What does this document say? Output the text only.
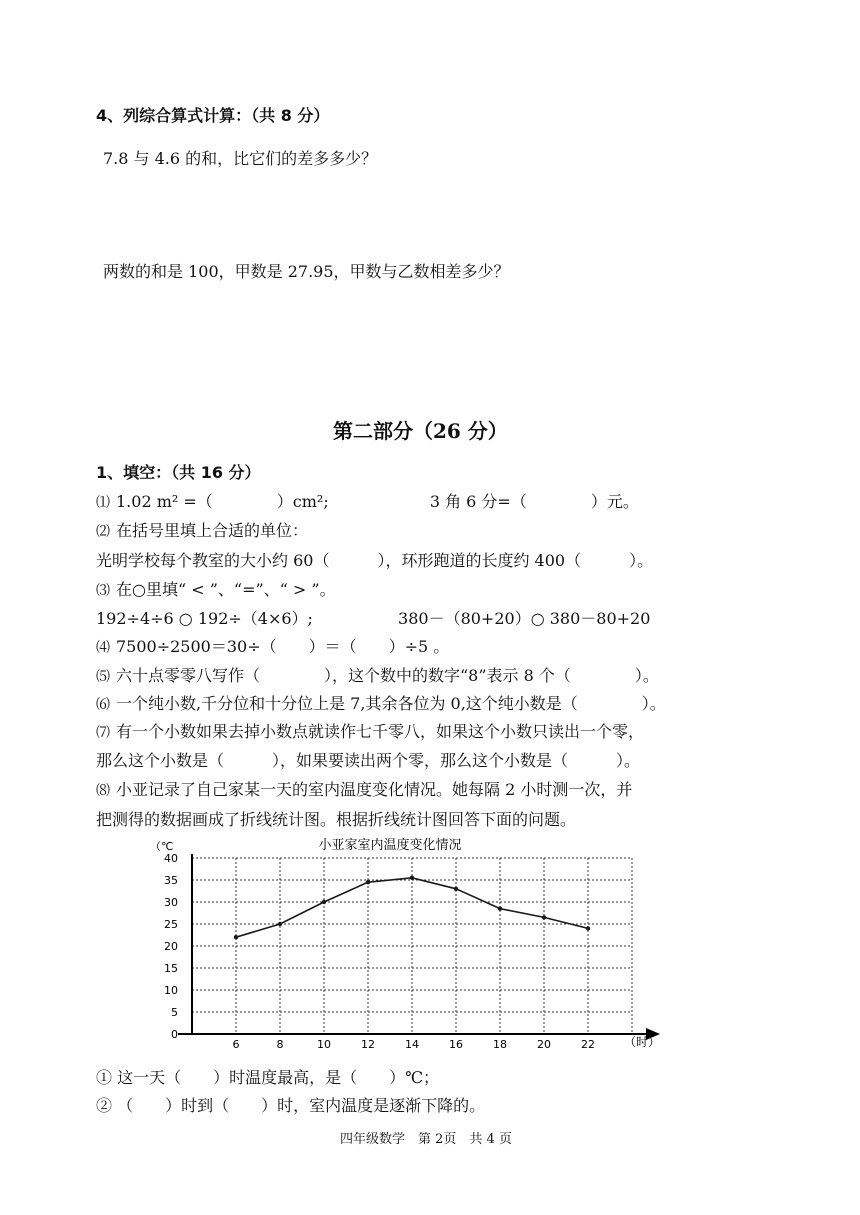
4、列综合算式计算：（共 8 分）
7.8 与 4.6 的和，比它们的差多多少？
两数的和是 100，甲数是 27.95，甲数与乙数相差多少？
第二部分（26 分）
1、填空：（共 16 分）
⑴ 1.02 m² =（　　　　）cm²;　　　　　　 3 角 6 分=（　　　　）元。
⑵ 在括号里填上合适的单位：
光明学校每个教室的大小约 60（　　　），环形跑道的长度约 400（　　　）。
⑶ 在○里填“ < ”、“=”、“ > ”。
192÷4÷6 ○ 192÷（4×6）;　　　　　 380－（80+20）○ 380－80+20
⑷ 7500÷2500＝30÷（　　）＝（　　）÷5 。
⑸ 六十点零零八写作（　　　　），这个数中的数字“8”表示 8 个（　　　　）。
⑹ 一个纯小数,千分位和十分位上是 7,其余各位为 0,这个纯小数是（　　　　）。
⑺ 有一个小数如果去掉小数点就读作七千零八，如果这个小数只读出一个零，
那么这个小数是（　　　），如果要读出两个零，那么这个小数是（　　　）。
⑻ 小亚记录了自己家某一天的室内温度变化情况。她每隔 2 小时测一次，并
把测得的数据画成了折线统计图。根据折线统计图回答下面的问题。
小亚家室内温度变化情况
（℃
0
5
10
15
20
25
30
35
40
6	8	10	12	14	16	18	20	22 （时）
① 这一天（　　）时温度最高，是（　　）℃；
② （　　）时到（　　）时，室内温度是逐渐下降的。
四年级数学　第 2页　共 4 页
